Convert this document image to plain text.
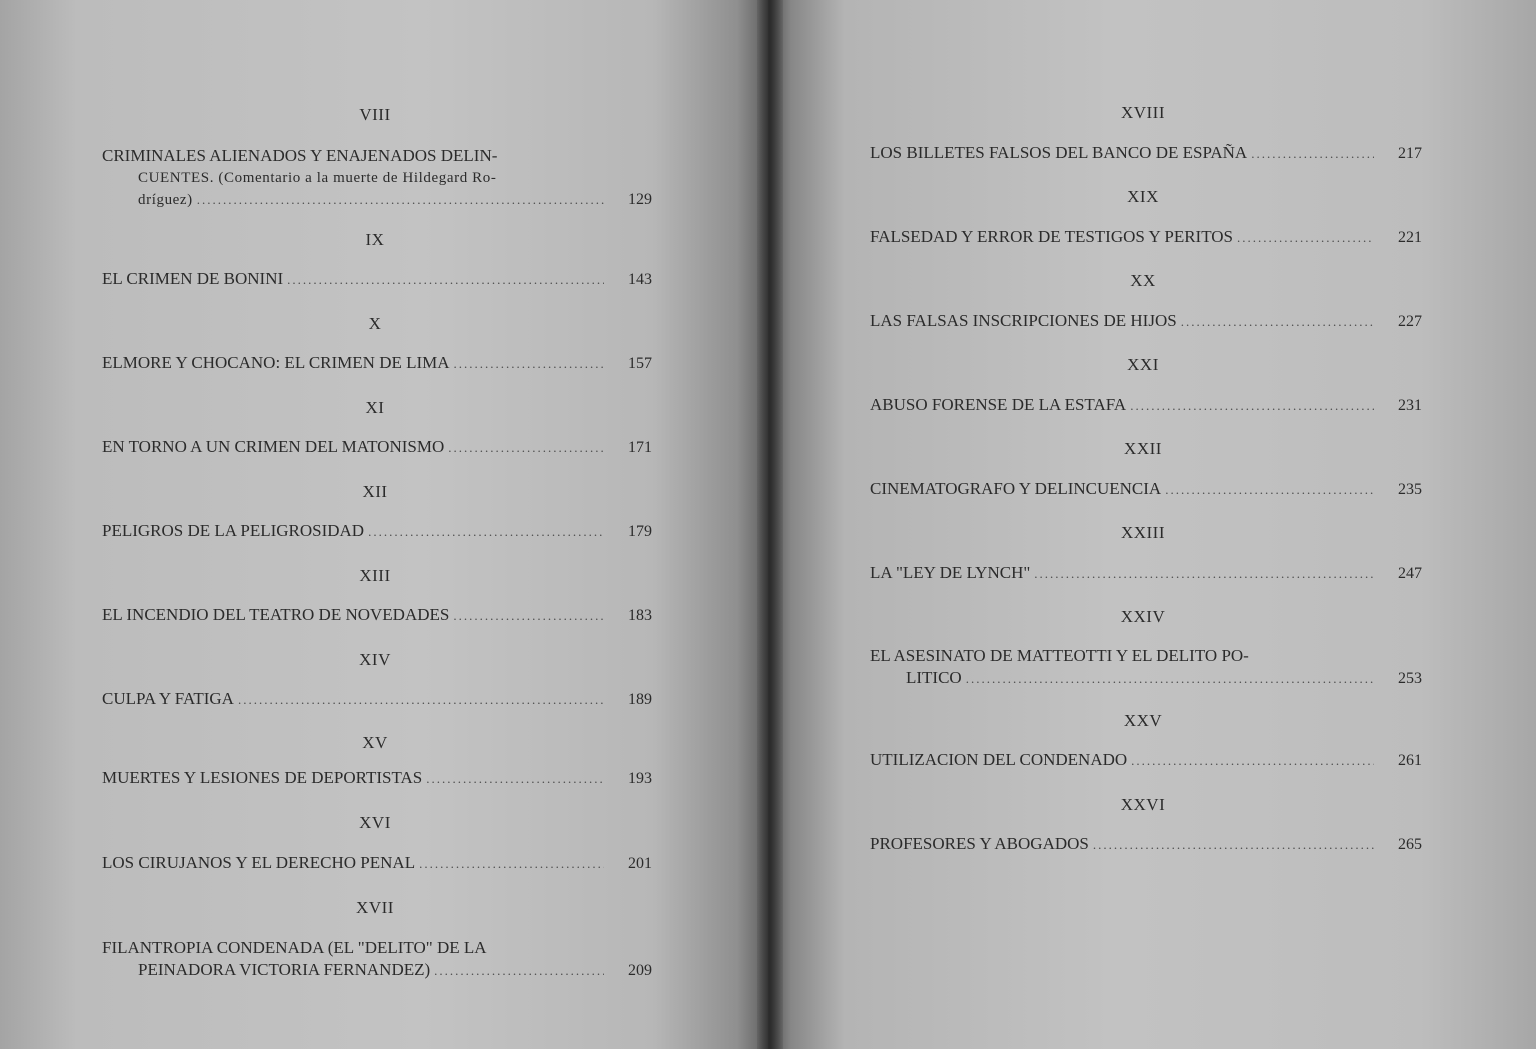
VIII
CRIMINALES ALIENADOS Y ENAJENADOS DELIN-
CUENTES. (Comentario a la muerte de Hildegard Ro-
dríguez) .....	129
IX
EL CRIMEN DE BONINI .....	143
X
ELMORE Y CHOCANO: EL CRIMEN DE LIMA .....	157
XI
EN TORNO A UN CRIMEN DEL MATONISMO .....	171
XII
PELIGROS DE LA PELIGROSIDAD .....	179
XIII
EL INCENDIO DEL TEATRO DE NOVEDADES .....	183
XIV
CULPA Y FATIGA .....	189
XV
MUERTES Y LESIONES DE DEPORTISTAS .....	193
XVI
LOS CIRUJANOS Y EL DERECHO PENAL .....	201
XVII
FILANTROPIA CONDENADA (EL "DELITO" DE LA
PEINADORA VICTORIA FERNANDEZ) .....	209
XVIII
LOS BILLETES FALSOS DEL BANCO DE ESPAÑA .....	217
XIX
FALSEDAD Y ERROR DE TESTIGOS Y PERITOS .....	221
XX
LAS FALSAS INSCRIPCIONES DE HIJOS .....	227
XXI
ABUSO FORENSE DE LA ESTAFA .....	231
XXII
CINEMATOGRAFO Y DELINCUENCIA .....	235
XXIII
LA "LEY DE LYNCH" .....	247
XXIV
EL ASESINATO DE MATTEOTTI Y EL DELITO PO-
LITICO .....	253
XXV
UTILIZACION DEL CONDENADO .....	261
XXVI
PROFESORES Y ABOGADOS .....	265
